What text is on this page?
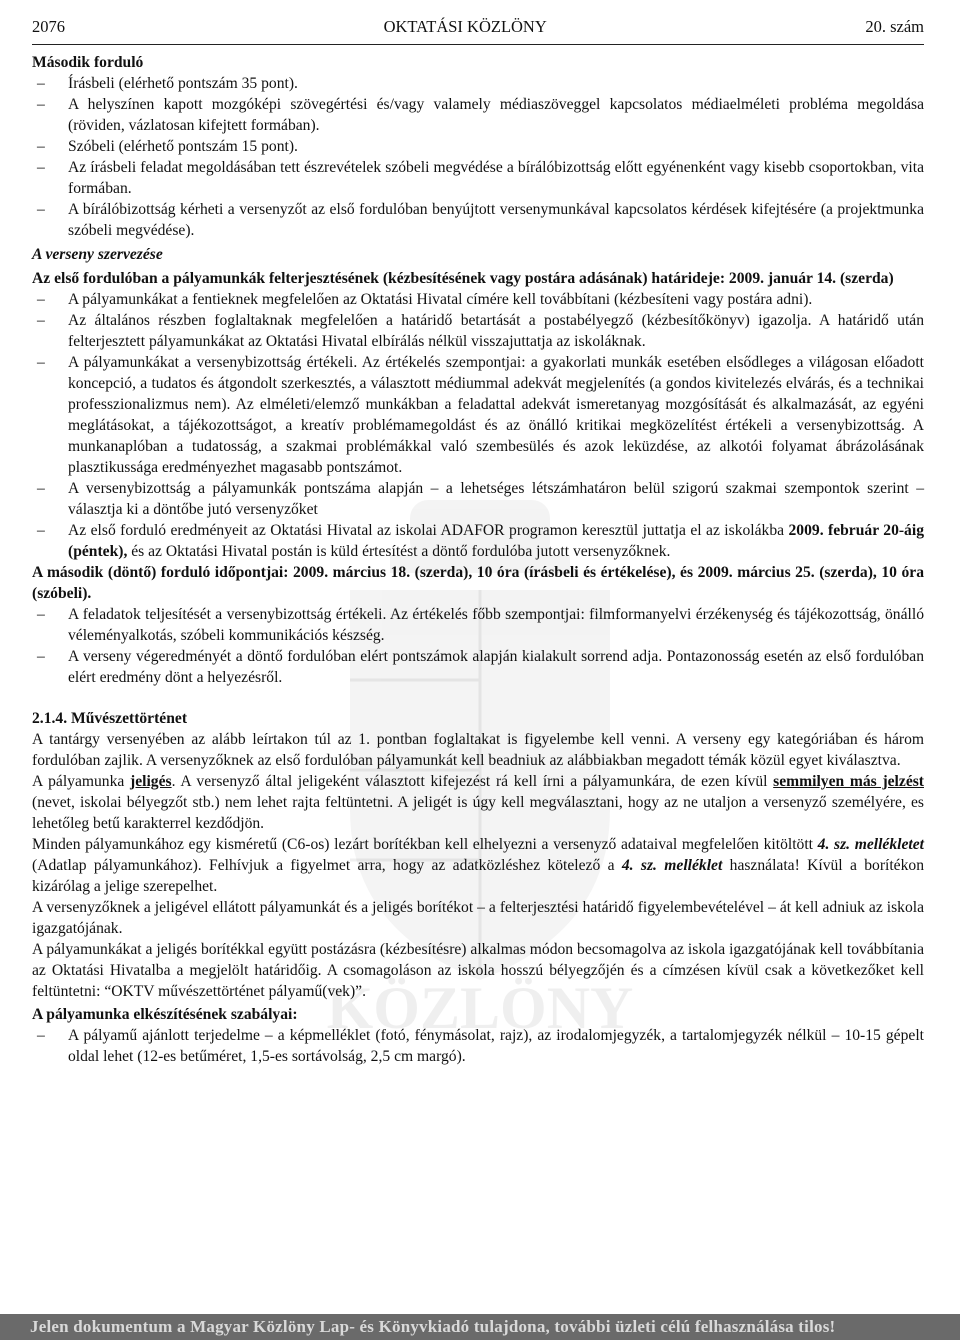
2076	OKTATÁSI KÖZLÖNY	20. szám
KÖZLÖNY

Második forduló

– Írásbeli (elérhető pontszám 35 pont).

– A helyszínen kapott mozgóképi szövegértési és/vagy valamely médiaszöveggel kapcsolatos médiaelméleti probléma megoldása (röviden, vázlatosan kifejtett formában).

– Szóbeli (elérhető pontszám 15 pont).

– Az írásbeli feladat megoldásában tett észrevételek szóbeli megvédése a bírálóbizottság előtt egyénenként vagy kisebb csoportokban, vita formában.

– A bírálóbizottság kérheti a versenyzőt az első fordulóban benyújtott versenymunkával kapcsolatos kérdések kifejtésére (a projektmunka szóbeli megvédése).

A verseny szervezése

Az első fordulóban a pályamunkák felterjesztésének (kézbesítésének vagy postára adásának) határideje: 2009. január 14. (szerda)

– A pályamunkákat a fentieknek megfelelően az Oktatási Hivatal címére kell továbbítani (kézbesíteni vagy postára adni).

– Az általános részben foglaltaknak megfelelően a határidő betartását a postabélyegző (kézbesítőkönyv) igazolja. A határidő után felterjesztett pályamunkákat az Oktatási Hivatal elbírálás nélkül visszajuttatja az iskoláknak.

– A pályamunkákat a versenybizottság értékeli. Az értékelés szempontjai: a gyakorlati munkák esetében elsődleges a világosan előadott koncepció, a tudatos és átgondolt szerkesztés, a választott médiummal adekvát megjelenítés (a gondos kivitelezés elvárás, és a technikai professzionalizmus nem). Az elméleti/elemző munkákban a feladattal adekvát ismeretanyag mozgósítását és alkalmazását, az egyéni meglátásokat, a tájékozottságot, a kreatív problémamegoldást és az önálló kritikai megközelítést értékeli a versenybizottság. A munkanaplóban a tudatosság, a szakmai problémákkal való szembesülés és azok leküzdése, az alkotói folyamat ábrázolásának plasztikussága eredményezhet magasabb pontszámot.

– A versenybizottság a pályamunkák pontszáma alapján – a lehetséges létszámhatáron belül szigorú szakmai szempontok szerint – választja ki a döntőbe jutó versenyzőket

– Az első forduló eredményeit az Oktatási Hivatal az iskolai ADAFOR programon keresztül juttatja el az iskolákba 2009. február 20-áig (péntek), és az Oktatási Hivatal postán is küld értesítést a döntő fordulóba jutott versenyzőknek.

A második (döntő) forduló időpontjai: 2009. március 18. (szerda), 10 óra (írásbeli és értékelése), és 2009. március 25. (szerda), 10 óra (szóbeli).

– A feladatok teljesítését a versenybizottság értékeli. Az értékelés főbb szempontjai: filmformanyelvi érzékenység és tájékozottság, önálló véleményalkotás, szóbeli kommunikációs készség.

– A verseny végeredményét a döntő fordulóban elért pontszámok alapján kialakult sorrend adja. Pontazonosság esetén az első fordulóban elért eredmény dönt a helyezésről.

2.1.4. Művészettörténet

A tantárgy versenyében az alább leírtakon túl az 1. pontban foglaltakat is figyelembe kell venni. A verseny egy kategóriában és három fordulóban zajlik. A versenyzőknek az első fordulóban pályamunkát kell beadniuk az alábbiakban megadott témák közül egyet kiválasztva.

A pályamunka jeligés. A versenyző által jeligeként választott kifejezést rá kell írni a pályamunkára, de ezen kívül semmilyen más jelzést (nevet, iskolai bélyegzőt stb.) nem lehet rajta feltüntetni. A jeligét is úgy kell megválasztani, hogy az ne utaljon a versenyző személyére, es lehetőleg betű karakterrel kezdődjön.

Minden pályamunkához egy kisméretű (C6-os) lezárt borítékban kell elhelyezni a versenyző adataival megfelelően kitöltött 4. sz. mellékletet (Adatlap pályamunkához). Felhívjuk a figyelmet arra, hogy az adatközléshez kötelező a 4. sz. melléklet használata! Kívül a borítékon kizárólag a jelige szerepelhet.

A versenyzőknek a jeligével ellátott pályamunkát és a jeligés borítékot – a felterjesztési határidő figyelembevételével – át kell adniuk az iskola igazgatójának.

A pályamunkákat a jeligés borítékkal együtt postázásra (kézbesítésre) alkalmas módon becsomagolva az iskola igazgatójának kell továbbítania az Oktatási Hivatalba a megjelölt határidőig. A csomagoláson az iskola hosszú bélyegzőjén és a címzésen kívül csak a következőket kell feltüntetni: “OKTV művészettörténet pályamű(vek)”.

A pályamunka elkészítésének szabályai:

– A pályamű ajánlott terjedelme – a képmelléklet (fotó, fénymásolat, rajz), az irodalomjegyzék, a tartalomjegyzék nélkül – 10-15 gépelt oldal lehet (12-es betűméret, 1,5-es sortávolság, 2,5 cm margó).

Jelen dokumentum a Magyar Közlöny Lap- és Könyvkiadó tulajdona, további üzleti célú felhasználása tilos!
